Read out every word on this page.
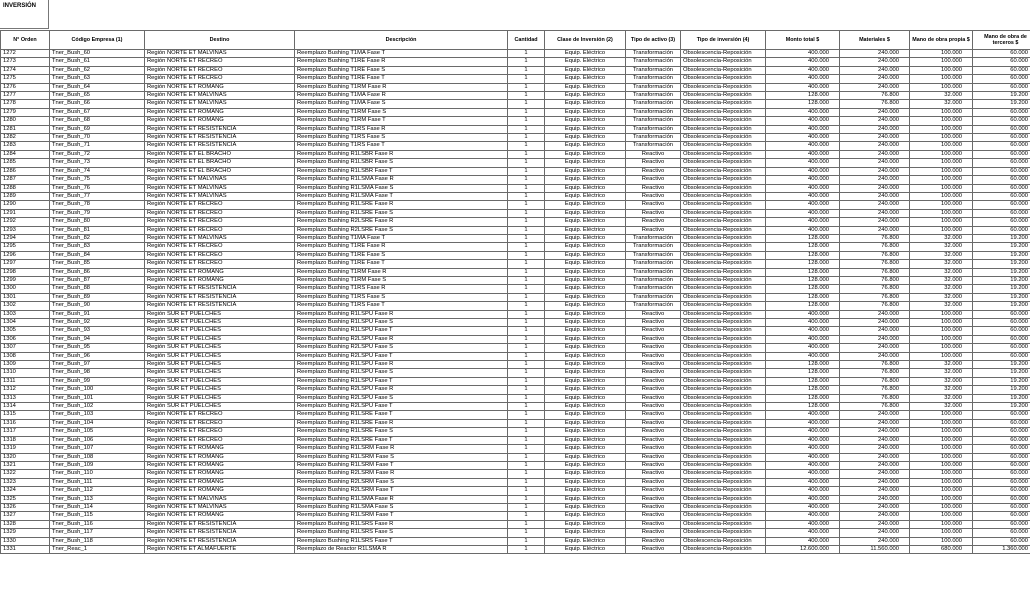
INVERSIÓN
N° Orden	Código Empresa (1)	Destino	Descripción	Cantidad	Clase de Inversión (2)	Tipo de activo (3)	Tipo de inversión (4)	Monto total $	Materiales $	Mano de obra propia $	Mano de obra de terceros $
1272	Tner_Bush_60	Región NORTE ET MALVINAS	Reemplazo Bushing T1MA Fase T	1	Equip. Eléctrico	Transformación	Obsolescencia-Reposición	400.000	240.000	100.000	60.000
1273	Tner_Bush_61	Región NORTE ET RECREO	Reemplazo Bushing T1RE Fase R	1	Equip. Eléctrico	Transformación	Obsolescencia-Reposición	400.000	240.000	100.000	60.000
1274	Tner_Bush_62	Región NORTE ET RECREO	Reemplazo Bushing T1RE Fase S	1	Equip. Eléctrico	Transformación	Obsolescencia-Reposición	400.000	240.000	100.000	60.000
1275	Tner_Bush_63	Región NORTE ET RECREO	Reemplazo Bushing T1RE Fase T	1	Equip. Eléctrico	Transformación	Obsolescencia-Reposición	400.000	240.000	100.000	60.000
1276	Tner_Bush_64	Región NORTE ET ROMANG	Reemplazo Bushing T1RM Fase R	1	Equip. Eléctrico	Transformación	Obsolescencia-Reposición	400.000	240.000	100.000	60.000
1277	Tner_Bush_65	Región NORTE ET MALVINAS	Reemplazo Bushing T1MA Fase R	1	Equip. Eléctrico	Transformación	Obsolescencia-Reposición	128.000	76.800	32.000	19.200
1278	Tner_Bush_66	Región NORTE ET MALVINAS	Reemplazo Bushing T1MA Fase S	1	Equip. Eléctrico	Transformación	Obsolescencia-Reposición	128.000	76.800	32.000	19.200
1279	Tner_Bush_67	Región NORTE ET ROMANG	Reemplazo Bushing T1RM Fase S	1	Equip. Eléctrico	Transformación	Obsolescencia-Reposición	400.000	240.000	100.000	60.000
1280	Tner_Bush_68	Región NORTE ET ROMANG	Reemplazo Bushing T1RM Fase T	1	Equip. Eléctrico	Transformación	Obsolescencia-Reposición	400.000	240.000	100.000	60.000
1281	Tner_Bush_69	Región NORTE ET RESISTENCIA	Reemplazo Bushing T1RS Fase R	1	Equip. Eléctrico	Transformación	Obsolescencia-Reposición	400.000	240.000	100.000	60.000
1282	Tner_Bush_70	Región NORTE ET RESISTENCIA	Reemplazo Bushing T1RS Fase S	1	Equip. Eléctrico	Transformación	Obsolescencia-Reposición	400.000	240.000	100.000	60.000
1283	Tner_Bush_71	Región NORTE ET RESISTENCIA	Reemplazo Bushing T1RS Fase T	1	Equip. Eléctrico	Transformación	Obsolescencia-Reposición	400.000	240.000	100.000	60.000
1284	Tner_Bush_72	Región NORTE ET EL BRACHO	Reemplazo Bushing R1LSBR Fase R	1	Equip. Eléctrico	Reactivo	Obsolescencia-Reposición	400.000	240.000	100.000	60.000
1285	Tner_Bush_73	Región NORTE ET EL BRACHO	Reemplazo Bushing R1LSBR Fase S	1	Equip. Eléctrico	Reactivo	Obsolescencia-Reposición	400.000	240.000	100.000	60.000
1286	Tner_Bush_74	Región NORTE ET EL BRACHO	Reemplazo Bushing R1LSBR Fase T	1	Equip. Eléctrico	Reactivo	Obsolescencia-Reposición	400.000	240.000	100.000	60.000
1287	Tner_Bush_75	Región NORTE ET MALVINAS	Reemplazo Bushing R1LSMA Fase R	1	Equip. Eléctrico	Reactivo	Obsolescencia-Reposición	400.000	240.000	100.000	60.000
1288	Tner_Bush_76	Región NORTE ET MALVINAS	Reemplazo Bushing R1LSMA Fase S	1	Equip. Eléctrico	Reactivo	Obsolescencia-Reposición	400.000	240.000	100.000	60.000
1289	Tner_Bush_77	Región NORTE ET MALVINAS	Reemplazo Bushing R1LSMA Fase T	1	Equip. Eléctrico	Reactivo	Obsolescencia-Reposición	400.000	240.000	100.000	60.000
1290	Tner_Bush_78	Región NORTE ET RECREO	Reemplazo Bushing R1LSRE Fase R	1	Equip. Eléctrico	Reactivo	Obsolescencia-Reposición	400.000	240.000	100.000	60.000
1291	Tner_Bush_79	Región NORTE ET RECREO	Reemplazo Bushing R1LSRE Fase S	1	Equip. Eléctrico	Reactivo	Obsolescencia-Reposición	400.000	240.000	100.000	60.000
1292	Tner_Bush_80	Región NORTE ET RECREO	Reemplazo Bushing R2LSRE Fase R	1	Equip. Eléctrico	Reactivo	Obsolescencia-Reposición	400.000	240.000	100.000	60.000
1293	Tner_Bush_81	Región NORTE ET RECREO	Reemplazo Bushing R2LSRE Fase S	1	Equip. Eléctrico	Reactivo	Obsolescencia-Reposición	400.000	240.000	100.000	60.000
1294	Tner_Bush_82	Región NORTE ET MALVINAS	Reemplazo Bushing T1MA Fase T	1	Equip. Eléctrico	Transformación	Obsolescencia-Reposición	128.000	76.800	32.000	19.200
1295	Tner_Bush_83	Región NORTE ET RECREO	Reemplazo Bushing T1RE Fase R	1	Equip. Eléctrico	Transformación	Obsolescencia-Reposición	128.000	76.800	32.000	19.200
1296	Tner_Bush_84	Región NORTE ET RECREO	Reemplazo Bushing T1RE Fase S	1	Equip. Eléctrico	Transformación	Obsolescencia-Reposición	128.000	76.800	32.000	19.200
1297	Tner_Bush_85	Región NORTE ET RECREO	Reemplazo Bushing T1RE Fase T	1	Equip. Eléctrico	Transformación	Obsolescencia-Reposición	128.000	76.800	32.000	19.200
1298	Tner_Bush_86	Región NORTE ET ROMANG	Reemplazo Bushing T1RM Fase R	1	Equip. Eléctrico	Transformación	Obsolescencia-Reposición	128.000	76.800	32.000	19.200
1299	Tner_Bush_87	Región NORTE ET ROMANG	Reemplazo Bushing T1RM Fase S	1	Equip. Eléctrico	Transformación	Obsolescencia-Reposición	128.000	76.800	32.000	19.200
1300	Tner_Bush_88	Región NORTE ET RESISTENCIA	Reemplazo Bushing T1RS Fase R	1	Equip. Eléctrico	Transformación	Obsolescencia-Reposición	128.000	76.800	32.000	19.200
1301	Tner_Bush_89	Región NORTE ET RESISTENCIA	Reemplazo Bushing T1RS Fase S	1	Equip. Eléctrico	Transformación	Obsolescencia-Reposición	128.000	76.800	32.000	19.200
1302	Tner_Bush_90	Región NORTE ET RESISTENCIA	Reemplazo Bushing T1RS Fase T	1	Equip. Eléctrico	Transformación	Obsolescencia-Reposición	128.000	76.800	32.000	19.200
1303	Tner_Bush_91	Región SUR ET PUELCHES	Reemplazo Bushing R1LSPU Fase R	1	Equip. Eléctrico	Reactivo	Obsolescencia-Reposición	400.000	240.000	100.000	60.000
1304	Tner_Bush_92	Región SUR ET PUELCHES	Reemplazo Bushing R1LSPU Fase S	1	Equip. Eléctrico	Reactivo	Obsolescencia-Reposición	400.000	240.000	100.000	60.000
1305	Tner_Bush_93	Región SUR ET PUELCHES	Reemplazo Bushing R1LSPU Fase T	1	Equip. Eléctrico	Reactivo	Obsolescencia-Reposición	400.000	240.000	100.000	60.000
1306	Tner_Bush_94	Región SUR ET PUELCHES	Reemplazo Bushing R2LSPU Fase R	1	Equip. Eléctrico	Reactivo	Obsolescencia-Reposición	400.000	240.000	100.000	60.000
1307	Tner_Bush_95	Región SUR ET PUELCHES	Reemplazo Bushing R2LSPU Fase S	1	Equip. Eléctrico	Reactivo	Obsolescencia-Reposición	400.000	240.000	100.000	60.000
1308	Tner_Bush_96	Región SUR ET PUELCHES	Reemplazo Bushing R2LSPU Fase T	1	Equip. Eléctrico	Reactivo	Obsolescencia-Reposición	400.000	240.000	100.000	60.000
1309	Tner_Bush_97	Región SUR ET PUELCHES	Reemplazo Bushing R1LSPU Fase R	1	Equip. Eléctrico	Reactivo	Obsolescencia-Reposición	128.000	76.800	32.000	19.200
1310	Tner_Bush_98	Región SUR ET PUELCHES	Reemplazo Bushing R1LSPU Fase S	1	Equip. Eléctrico	Reactivo	Obsolescencia-Reposición	128.000	76.800	32.000	19.200
1311	Tner_Bush_99	Región SUR ET PUELCHES	Reemplazo Bushing R1LSPU Fase T	1	Equip. Eléctrico	Reactivo	Obsolescencia-Reposición	128.000	76.800	32.000	19.200
1312	Tner_Bush_100	Región SUR ET PUELCHES	Reemplazo Bushing R2LSPU Fase R	1	Equip. Eléctrico	Reactivo	Obsolescencia-Reposición	128.000	76.800	32.000	19.200
1313	Tner_Bush_101	Región SUR ET PUELCHES	Reemplazo Bushing R2LSPU Fase S	1	Equip. Eléctrico	Reactivo	Obsolescencia-Reposición	128.000	76.800	32.000	19.200
1314	Tner_Bush_102	Región SUR ET PUELCHES	Reemplazo Bushing R2LSPU Fase T	1	Equip. Eléctrico	Reactivo	Obsolescencia-Reposición	128.000	76.800	32.000	19.200
1315	Tner_Bush_103	Región NORTE ET RECREO	Reemplazo Bushing R1LSRE Fase T	1	Equip. Eléctrico	Reactivo	Obsolescencia-Reposición	400.000	240.000	100.000	60.000
1316	Tner_Bush_104	Región NORTE ET RECREO	Reemplazo Bushing R1LSRE Fase R	1	Equip. Eléctrico	Reactivo	Obsolescencia-Reposición	400.000	240.000	100.000	60.000
1317	Tner_Bush_105	Región NORTE ET RECREO	Reemplazo Bushing R1LSRE Fase S	1	Equip. Eléctrico	Reactivo	Obsolescencia-Reposición	400.000	240.000	100.000	60.000
1318	Tner_Bush_106	Región NORTE ET RECREO	Reemplazo Bushing R2LSRE Fase T	1	Equip. Eléctrico	Reactivo	Obsolescencia-Reposición	400.000	240.000	100.000	60.000
1319	Tner_Bush_107	Región NORTE ET ROMANG	Reemplazo Bushing R1LSRM Fase R	1	Equip. Eléctrico	Reactivo	Obsolescencia-Reposición	400.000	240.000	100.000	60.000
1320	Tner_Bush_108	Región NORTE ET ROMANG	Reemplazo Bushing R1LSRM Fase S	1	Equip. Eléctrico	Reactivo	Obsolescencia-Reposición	400.000	240.000	100.000	60.000
1321	Tner_Bush_109	Región NORTE ET ROMANG	Reemplazo Bushing R1LSRM Fase T	1	Equip. Eléctrico	Reactivo	Obsolescencia-Reposición	400.000	240.000	100.000	60.000
1322	Tner_Bush_110	Región NORTE ET ROMANG	Reemplazo Bushing R2LSRM Fase R	1	Equip. Eléctrico	Reactivo	Obsolescencia-Reposición	400.000	240.000	100.000	60.000
1323	Tner_Bush_111	Región NORTE ET ROMANG	Reemplazo Bushing R2LSRM Fase S	1	Equip. Eléctrico	Reactivo	Obsolescencia-Reposición	400.000	240.000	100.000	60.000
1324	Tner_Bush_112	Región NORTE ET ROMANG	Reemplazo Bushing R2LSRM Fase T	1	Equip. Eléctrico	Reactivo	Obsolescencia-Reposición	400.000	240.000	100.000	60.000
1325	Tner_Bush_113	Región NORTE ET MALVINAS	Reemplazo Bushing R1LSMA Fase R	1	Equip. Eléctrico	Reactivo	Obsolescencia-Reposición	400.000	240.000	100.000	60.000
1326	Tner_Bush_114	Región NORTE ET MALVINAS	Reemplazo Bushing R1LSMA Fase S	1	Equip. Eléctrico	Reactivo	Obsolescencia-Reposición	400.000	240.000	100.000	60.000
1327	Tner_Bush_115	Región NORTE ET ROMANG	Reemplazo Bushing R1LSRM Fase T	1	Equip. Eléctrico	Reactivo	Obsolescencia-Reposición	400.000	240.000	100.000	60.000
1328	Tner_Bush_116	Región NORTE ET RESISTENCIA	Reemplazo Bushing R1LSRS Fase R	1	Equip. Eléctrico	Reactivo	Obsolescencia-Reposición	400.000	240.000	100.000	60.000
1329	Tner_Bush_117	Región NORTE ET RESISTENCIA	Reemplazo Bushing R1LSRS Fase S	1	Equip. Eléctrico	Reactivo	Obsolescencia-Reposición	400.000	240.000	100.000	60.000
1330	Tner_Bush_118	Región NORTE ET RESISTENCIA	Reemplazo Bushing R1LSRS Fase T	1	Equip. Eléctrico	Reactivo	Obsolescencia-Reposición	400.000	240.000	100.000	60.000
1331	Tner_Reac_1	Región NORTE ET ALMAFUERTE	Reemplazo de Reactor R1LSMA R	1	Equip. Eléctrico	Reactivo	Obsolescencia-Reposición	12.600.000	11.560.000	680.000	1.360.000
